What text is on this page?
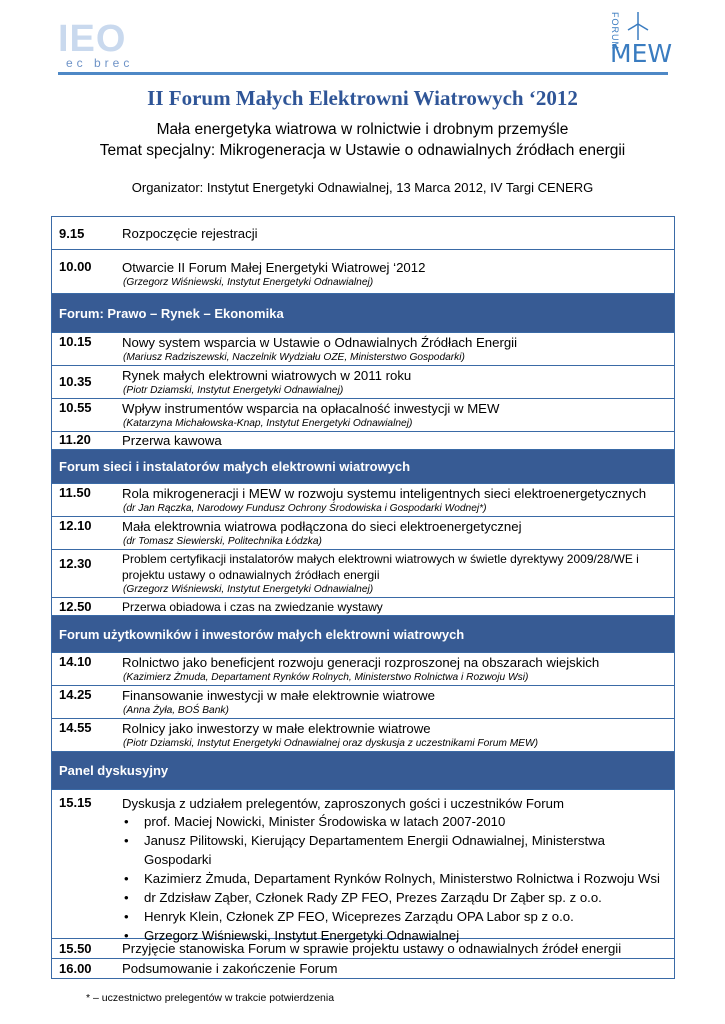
IEO
ec brec
FORUM
MEW
II Forum Małych Elektrowni Wiatrowych ‘2012
Mała energetyka wiatrowa w rolnictwie i drobnym przemyśle
Temat specjalny: Mikrogeneracja w Ustawie o odnawialnych źródłach energii
Organizator: Instytut Energetyki Odnawialnej, 13 Marca 2012, IV Targi CENERG
9.15	Rozpoczęcie rejestracji
10.00	Otwarcie II Forum Małej Energetyki Wiatrowej ‘2012
(Grzegorz Wiśniewski, Instytut Energetyki Odnawialnej)
Forum: Prawo – Rynek – Ekonomika
10.15	Nowy system wsparcia w Ustawie o Odnawialnych Źródłach Energii
(Mariusz Radziszewski, Naczelnik Wydziału OZE, Ministerstwo Gospodarki)
10.35	Rynek małych elektrowni wiatrowych w 2011 roku
(Piotr Dziamski, Instytut Energetyki Odnawialnej)
10.55	Wpływ instrumentów wsparcia na opłacalność inwestycji w MEW
(Katarzyna Michałowska-Knap, Instytut Energetyki Odnawialnej)
11.20	Przerwa kawowa
Forum sieci i instalatorów małych elektrowni wiatrowych
11.50	Rola mikrogeneracji i MEW w rozwoju systemu inteligentnych sieci elektroenergetycznych
(dr Jan Rączka, Narodowy Fundusz Ochrony Środowiska i Gospodarki Wodnej*)
12.10	Mała elektrownia wiatrowa podłączona do sieci elektroenergetycznej
(dr Tomasz Siewierski, Politechnika Łódzka)
12.30	Problem certyfikacji instalatorów małych elektrowni wiatrowych w świetle dyrektywy 2009/28/WE i projektu ustawy o odnawialnych źródłach energii
(Grzegorz Wiśniewski, Instytut Energetyki Odnawialnej)
12.50	Przerwa obiadowa i czas na zwiedzanie wystawy
Forum użytkowników i inwestorów małych elektrowni wiatrowych
14.10	Rolnictwo jako beneficjent rozwoju generacji rozproszonej na obszarach wiejskich
(Kazimierz Żmuda, Departament Rynków Rolnych, Ministerstwo Rolnictwa i Rozwoju Wsi)
14.25	Finansowanie inwestycji w małe elektrownie wiatrowe
(Anna Żyła, BOŚ Bank)
14.55	Rolnicy jako inwestorzy w małe elektrownie wiatrowe
(Piotr Dziamski, Instytut Energetyki Odnawialnej oraz dyskusja z uczestnikami Forum MEW)
Panel dyskusyjny
15.15	Dyskusja z udziałem prelegentów, zaproszonych gości i uczestników Forum
• prof. Maciej Nowicki, Minister Środowiska w latach 2007-2010
• Janusz Pilitowski, Kierujący Departamentem Energii Odnawialnej, Ministerstwa Gospodarki
• Kazimierz Żmuda, Departament Rynków Rolnych, Ministerstwo Rolnictwa i Rozwoju Wsi
• dr Zdzisław Ząber, Członek Rady ZP FEO, Prezes Zarządu Dr Ząber sp. z o.o.
• Henryk Klein, Członek ZP FEO, Wiceprezes Zarządu OPA Labor sp z o.o.
• Grzegorz Wiśniewski, Instytut Energetyki Odnawialnej
15.50	Przyjęcie stanowiska Forum w sprawie projektu ustawy o odnawialnych źródeł energii
16.00	Podsumowanie i zakończenie Forum
* – uczestnictwo prelegentów w trakcie potwierdzenia
